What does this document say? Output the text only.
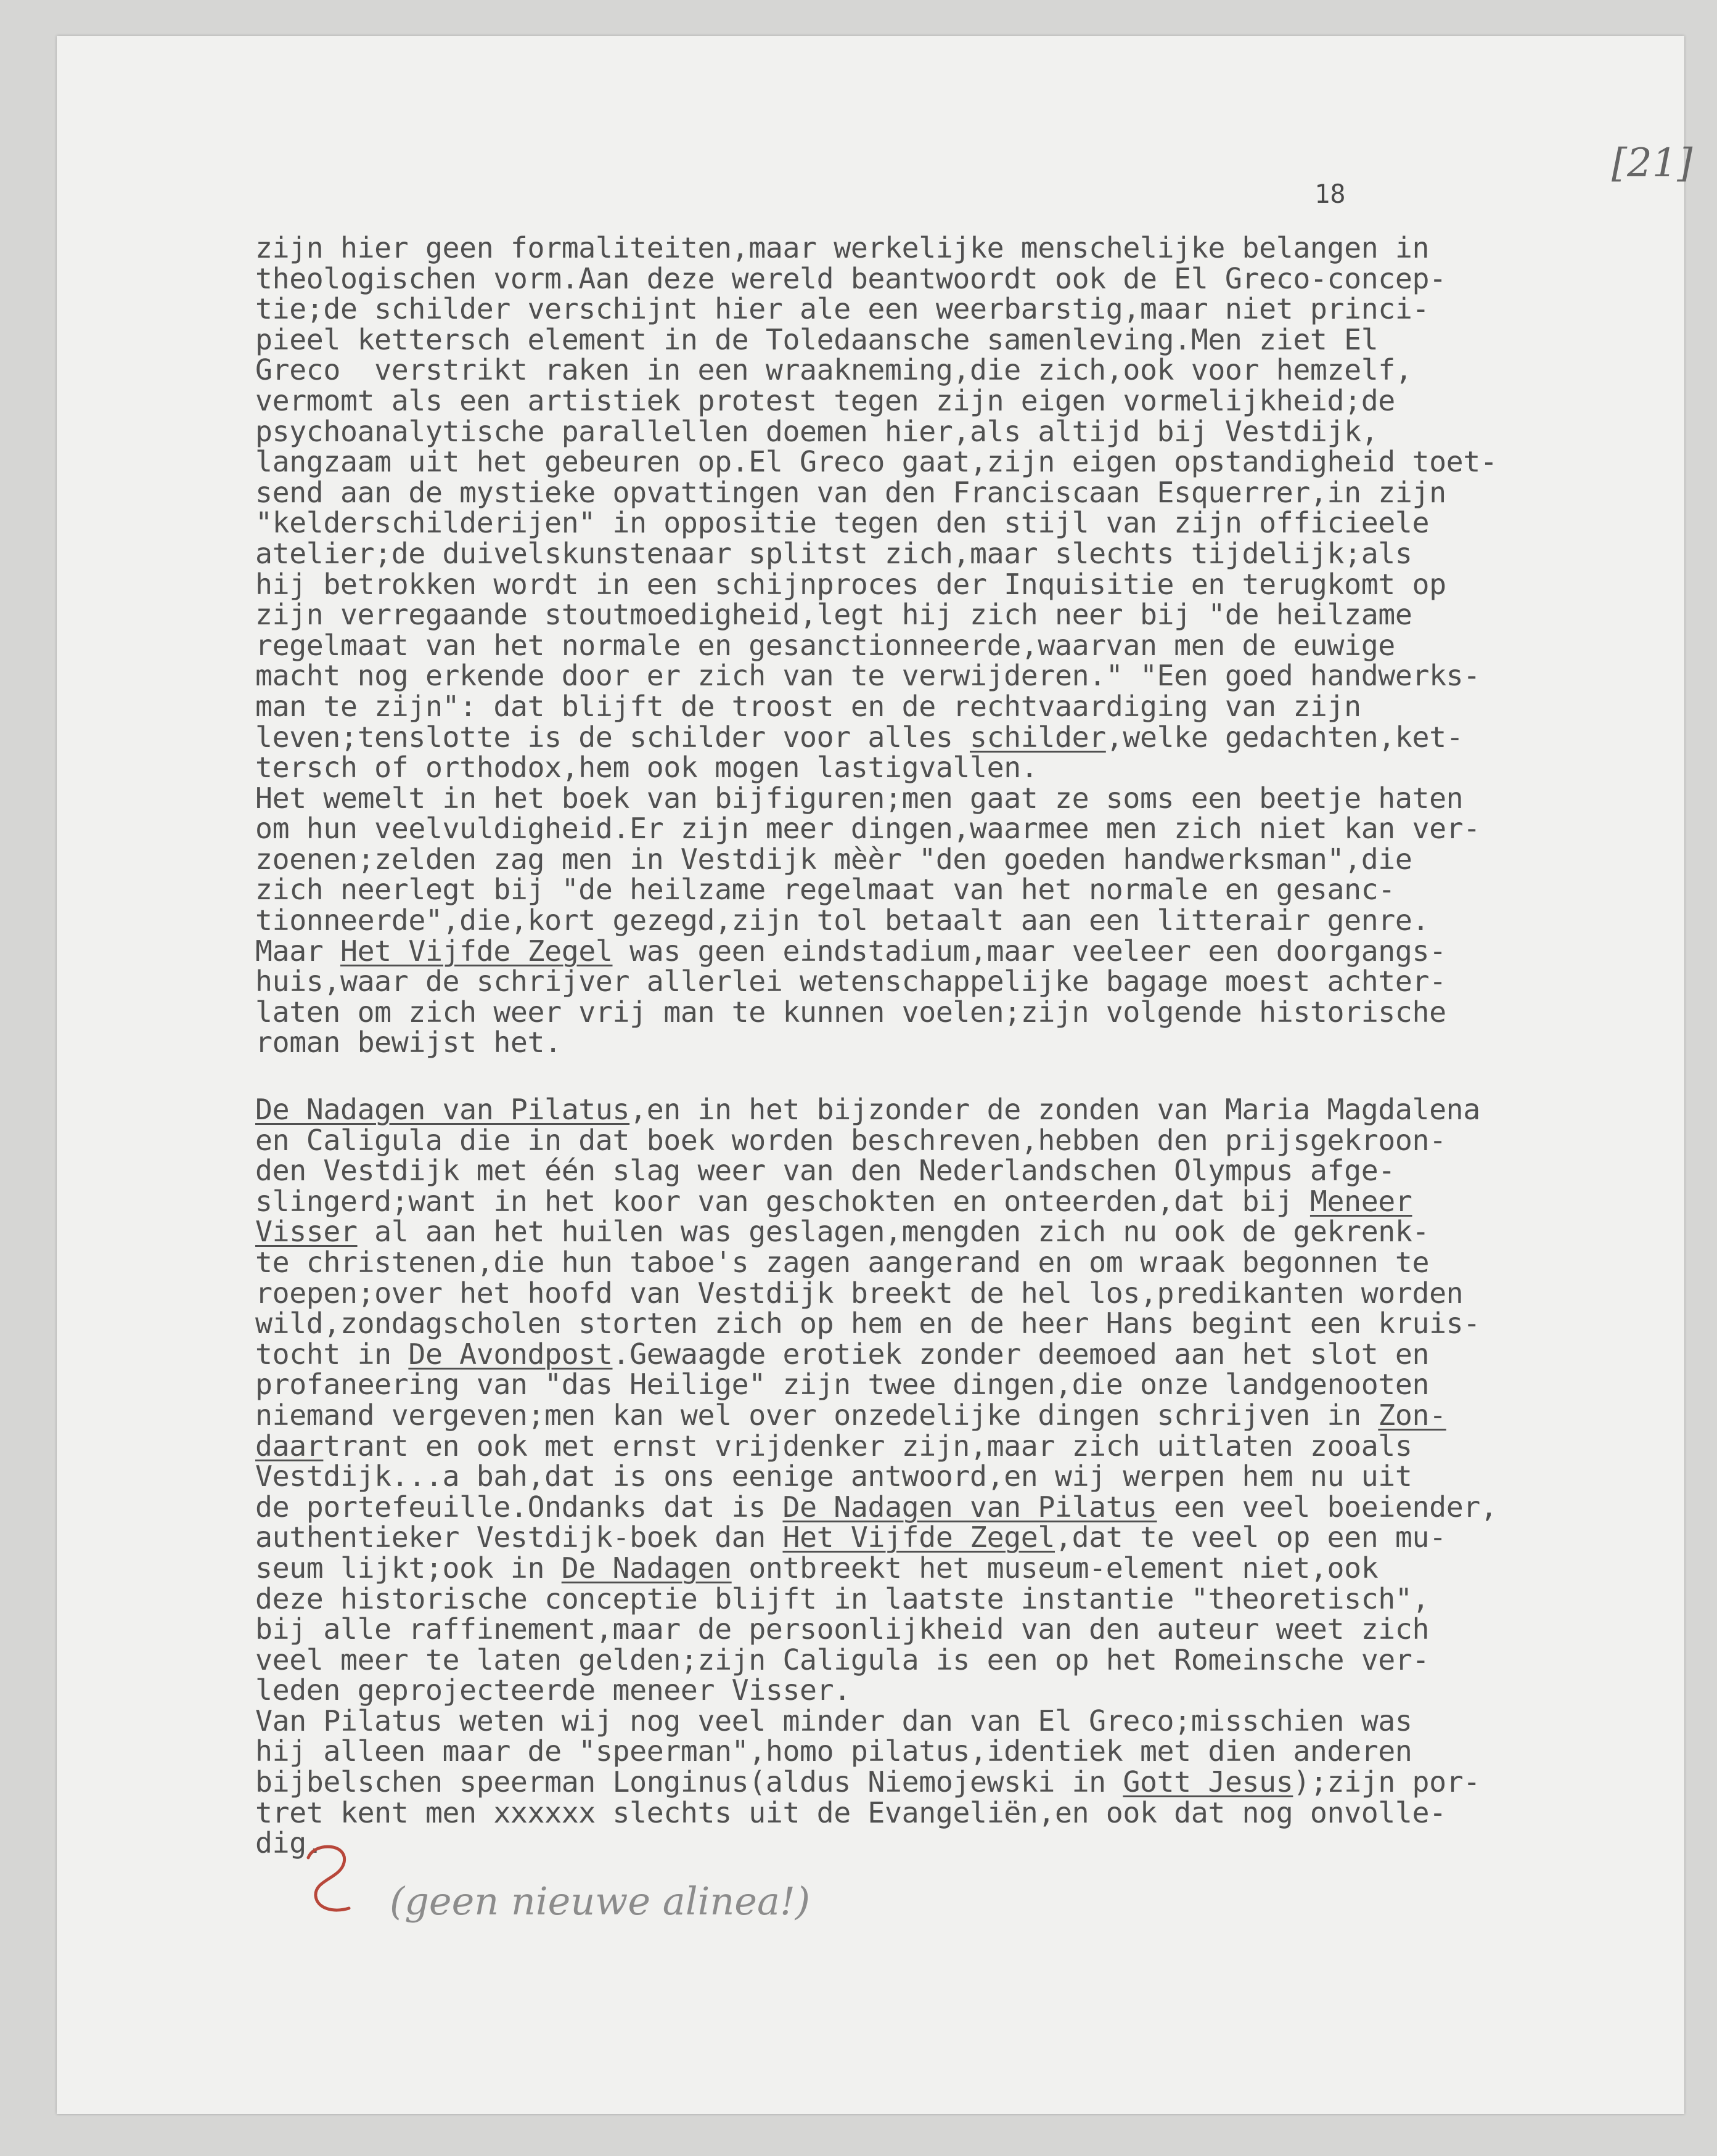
18
[21]
zijn hier geen formaliteiten,maar werkelijke menschelijke belangen in
theologischen vorm.Aan deze wereld beantwoordt ook de El Greco-concep-
tie;de schilder verschijnt hier ale een weerbarstig,maar niet princi-
pieel kettersch element in de Toledaansche samenleving.Men ziet El
Greco  verstrikt raken in een wraakneming,die zich,ook voor hemzelf,
vermomt als een artistiek protest tegen zijn eigen vormelijkheid;de
psychoanalytische parallellen doemen hier,als altijd bij Vestdijk,
langzaam uit het gebeuren op.El Greco gaat,zijn eigen opstandigheid toet-
send aan de mystieke opvattingen van den Franciscaan Esquerrer,in zijn
"kelderschilderijen" in oppositie tegen den stijl van zijn officieele
atelier;de duivelskunstenaar splitst zich,maar slechts tijdelijk;als
hij betrokken wordt in een schijnproces der Inquisitie en terugkomt op
zijn verregaande stoutmoedigheid,legt hij zich neer bij "de heilzame
regelmaat van het normale en gesanctionneerde,waarvan men de euwige
macht nog erkende door er zich van te verwijderen." "Een goed handwerks-
man te zijn": dat blijft de troost en de rechtvaardiging van zijn
leven;tenslotte is de schilder voor alles schilder,welke gedachten,ket-
tersch of orthodox,hem ook mogen lastigvallen.
Het wemelt in het boek van bijfiguren;men gaat ze soms een beetje haten
om hun veelvuldigheid.Er zijn meer dingen,waarmee men zich niet kan ver-
zoenen;zelden zag men in Vestdijk mèèr "den goeden handwerksman",die
zich neerlegt bij "de heilzame regelmaat van het normale en gesanc-
tionneerde",die,kort gezegd,zijn tol betaalt aan een litterair genre.
Maar Het Vijfde Zegel was geen eindstadium,maar veeleer een doorgangs-
huis,waar de schrijver allerlei wetenschappelijke bagage moest achter-
laten om zich weer vrij man te kunnen voelen;zijn volgende historische
roman bewijst het.

De Nadagen van Pilatus,en in het bijzonder de zonden van Maria Magdalena
en Caligula die in dat boek worden beschreven,hebben den prijsgekroon-
den Vestdijk met één slag weer van den Nederlandschen Olympus afge-
slingerd;want in het koor van geschokten en onteerden,dat bij Meneer
Visser al aan het huilen was geslagen,mengden zich nu ook de gekrenk-
te christenen,die hun taboe's zagen aangerand en om wraak begonnen te
roepen;over het hoofd van Vestdijk breekt de hel los,predikanten worden
wild,zondagscholen storten zich op hem en de heer Hans begint een kruis-
tocht in De Avondpost.Gewaagde erotiek zonder deemoed aan het slot en
profaneering van "das Heilige" zijn twee dingen,die onze landgenooten
niemand vergeven;men kan wel over onzedelijke dingen schrijven in Zon-
daartrant en ook met ernst vrijdenker zijn,maar zich uitlaten zooals
Vestdijk...a bah,dat is ons eenige antwoord,en wij werpen hem nu uit
de portefeuille.Ondanks dat is De Nadagen van Pilatus een veel boeiender,
authentieker Vestdijk-boek dan Het Vijfde Zegel,dat te veel op een mu-
seum lijkt;ook in De Nadagen ontbreekt het museum-element niet,ook
deze historische conceptie blijft in laatste instantie "theoretisch",
bij alle raffinement,maar de persoonlijkheid van den auteur weet zich
veel meer te laten gelden;zijn Caligula is een op het Romeinsche ver-
leden geprojecteerde meneer Visser.
Van Pilatus weten wij nog veel minder dan van El Greco;misschien was
hij alleen maar de "speerman",homo pilatus,identiek met dien anderen
bijbelschen speerman Longinus(aldus Niemojewski in Gott Jesus);zijn por-
tret kent men xxxxxx slechts uit de Evangeliën,en ook dat nog onvolle-
dig.

(geen nieuwe alinea!)
